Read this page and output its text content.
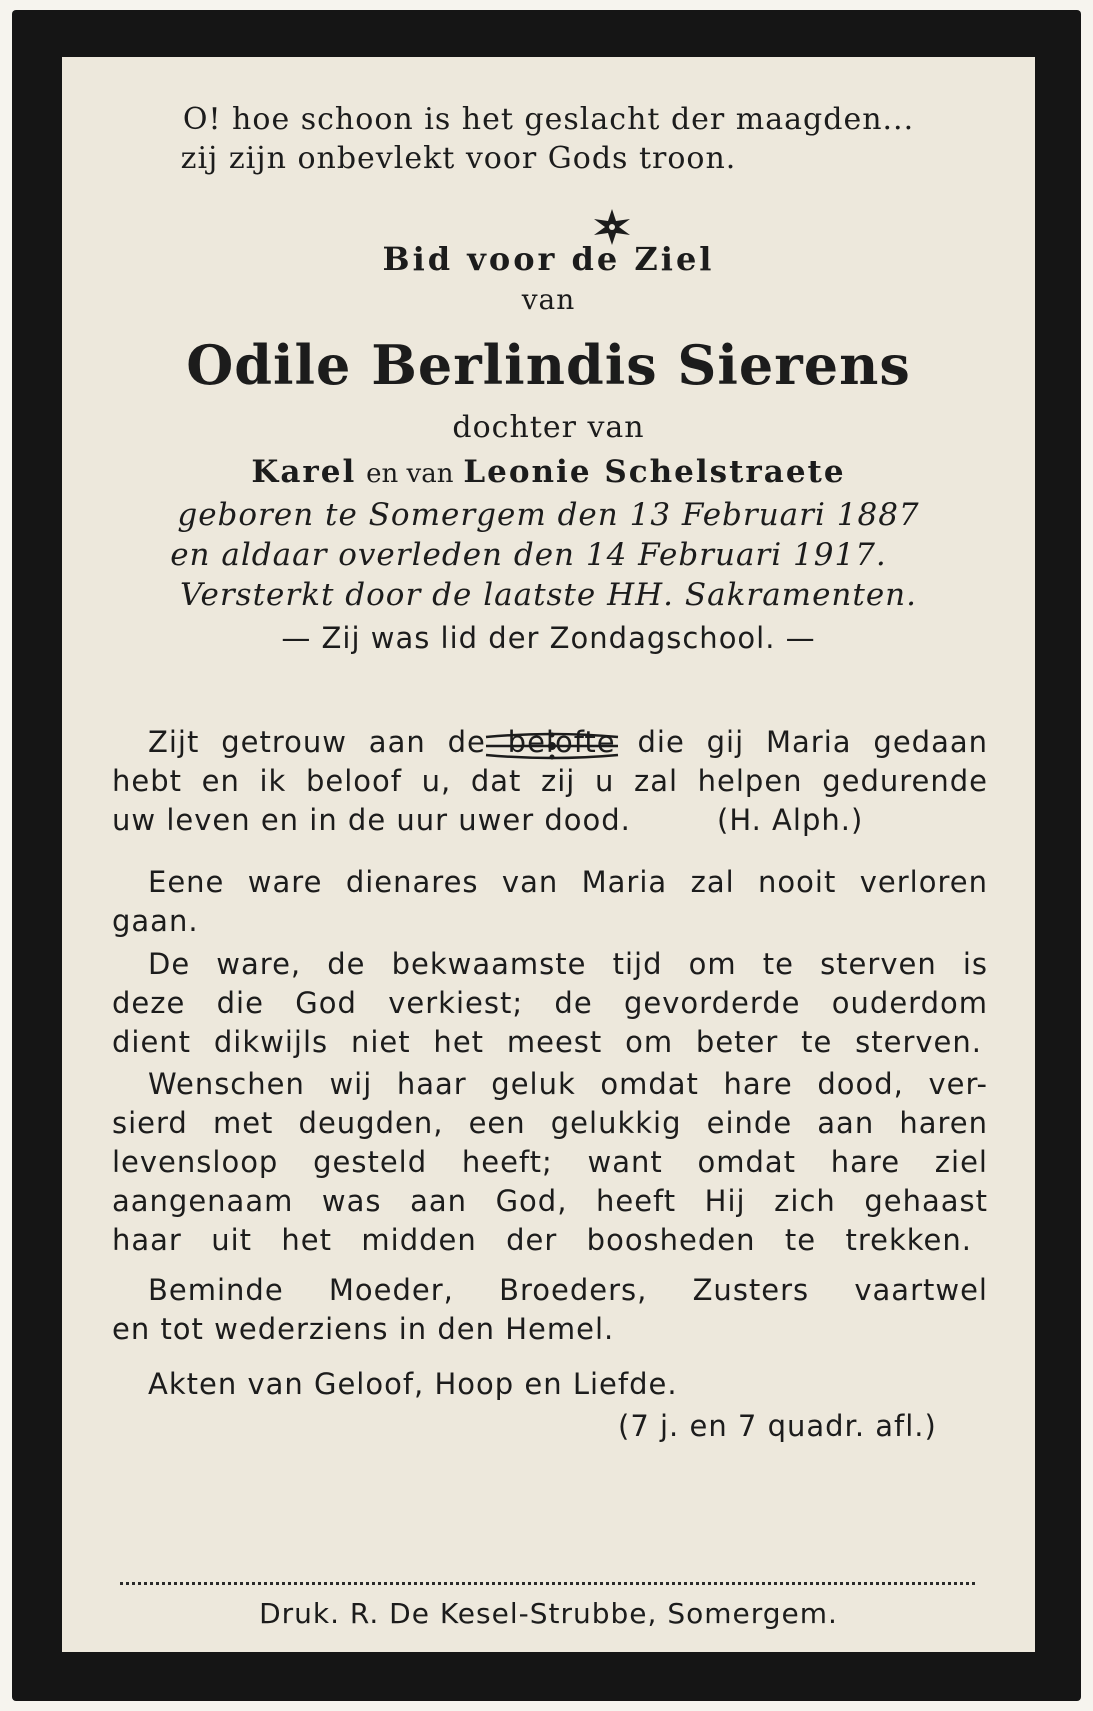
O! hoe schoon is het geslacht der maagden...
zij zijn onbevlekt voor Gods troon.
Bid voor de Ziel
van
Odile Berlindis Sierens
dochter van
Karel en van Leonie Schelstraete
geboren te Somergem den 13 Februari 1887
en aldaar overleden den 14 Februari 1917.
Versterkt door de laatste HH. Sakramenten.
— Zij was lid der Zondagschool. —
Zijt getrouw aan de belofte die gij Maria gedaan
hebt en ik beloof u, dat zij u zal helpen gedurende
uw leven en in de uur uwer dood.	(H. Alph.)
Eene ware dienares van Maria zal nooit verloren
gaan.
De ware, de bekwaamste tijd om te sterven is
deze die God verkiest; de gevorderde ouderdom
dient dikwijls niet het meest om beter te sterven.
Wenschen wij haar geluk omdat hare dood, ver-
sierd met deugden, een gelukkig einde aan haren
levensloop gesteld heeft; want omdat hare ziel
aangenaam was aan God, heeft Hij zich gehaast
haar uit het midden der boosheden te trekken.
Beminde Moeder, Broeders, Zusters vaartwel
en tot wederziens in den Hemel.
Akten van Geloof, Hoop en Liefde.
(7 j. en 7 quadr. afl.)
Druk. R. De Kesel-Strubbe, Somergem.
